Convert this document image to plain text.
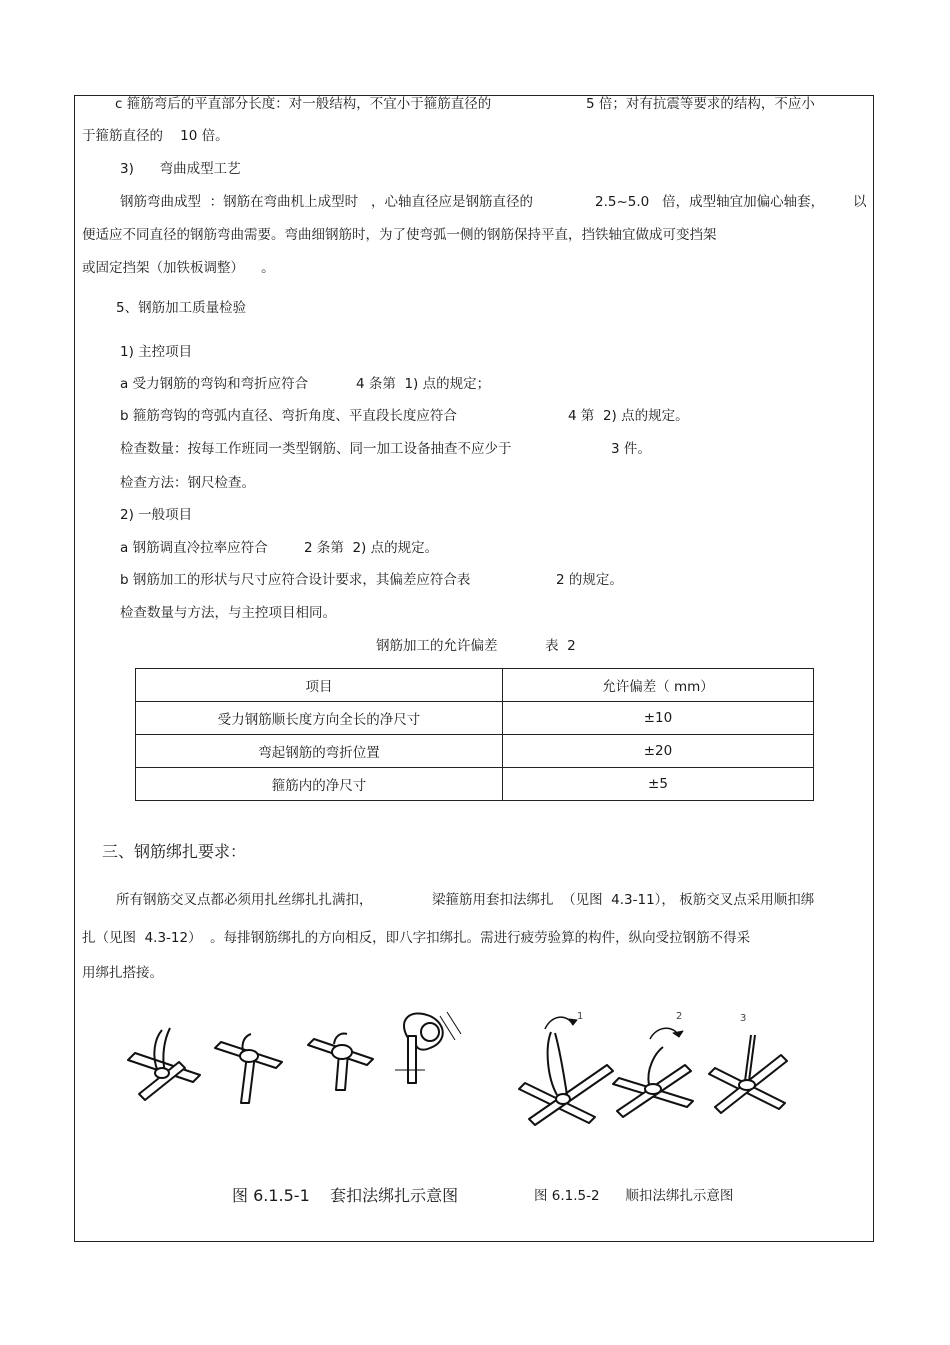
c 箍筋弯后的平直部分长度：对一般结构，不宜小于箍筋直径的	5 倍；对有抗震等要求的结构，不应小
于箍筋直径的    10 倍。
3)      弯曲成型工艺
钢筋弯曲成型  ：钢筋在弯曲机上成型时   ，心轴直径应是钢筋直径的	2.5~5.0   倍，成型轴宜加偏心轴套， 以
便适应不同直径的钢筋弯曲需要。弯曲细钢筋时，为了使弯弧一侧的钢筋保持平直，挡铁轴宜做成可变挡架
或固定挡架（加铁板调整）    。
5、钢筋加工质量检验
1) 主控项目
a 受力钢筋的弯钩和弯折应符合	4 条第  1) 点的规定；
b 箍筋弯钩的弯弧内直径、弯折角度、平直段长度应符合	4 第  2) 点的规定。
检查数量：按每工作班同一类型钢筋、同一加工设备抽查不应少于	3 件。
检查方法：钢尺检查。
2) 一般项目
a 钢筋调直冷拉率应符合	2 条第  2) 点的规定。
b 钢筋加工的形状与尺寸应符合设计要求，其偏差应符合表	2 的规定。
检查数量与方法，与主控项目相同。
钢筋加工的允许偏差	表  2
项目	允许偏差（ mm）
受力钢筋顺长度方向全长的净尺寸	±10
弯起钢筋的弯折位置	±20
箍筋内的净尺寸	±5
三、钢筋绑扎要求：
所有钢筋交叉点都必须用扎丝绑扎扎满扣，	梁箍筋用套扣法绑扎  （见图  4.3-11）， 板筋交叉点采用顺扣绑
扎（见图  4.3-12）  。每排钢筋绑扎的方向相反，即八字扣绑扎。需进行疲劳验算的构件，纵向受拉钢筋不得采
用绑扎搭接。
1	2	3
图 6.1.5-1    套扣法绑扎示意图	图 6.1.5-2      顺扣法绑扎示意图
